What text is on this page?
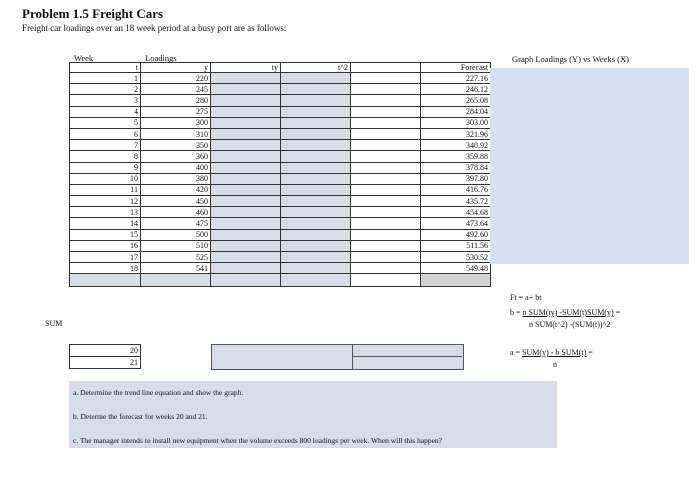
Problem 1.5 Freight Cars
Freight car loadings over an 18 week period at a busy port are as follows:
Week	Loadings
t	y	ty	t^2		Forecast
1	220				227.16
2	245				246.12
3	280				265.08
4	275				284.04
5	300				303.00
6	310				321.96
7	350				340.92
8	360				359.88
9	400				378.84
10	380				397.80
11	420				416.76
12	450				435.72
13	460				454.68
14	475				473.64
15	500				492.60
16	510				511.56
17	525				530.52
18	541				549.48

SUM
20
21
Graph Loadings (Y) vs Weeks (X)
Ft = a+ bt
b = n SUM(ty) -SUM(t)SUM(y) =
n SUM(t^2) -(SUM(t))^2
a = SUM(y) - b SUM(t) =
n
a. Determine the trend line equation and show the graph.
b. Determe the forecast for weeks 20 and 21.
c. The manager intends to install new equipment when the volume exceeds 800 loadings per week. When will this happen?
